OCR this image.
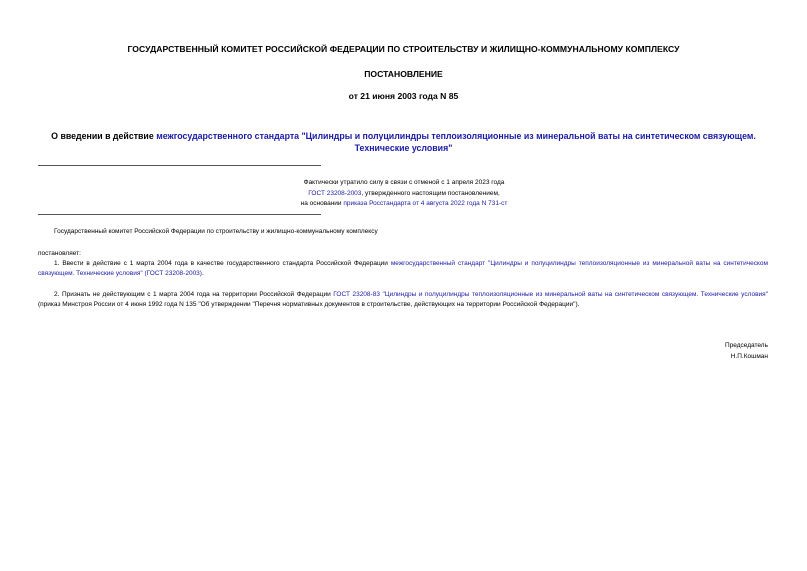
ГОСУДАРСТВЕННЫЙ КОМИТЕТ РОССИЙСКОЙ ФЕДЕРАЦИИ ПО СТРОИТЕЛЬСТВУ И ЖИЛИЩНО-КОММУНАЛЬНОМУ КОМПЛЕКСУ
ПОСТАНОВЛЕНИЕ
от 21 июня 2003 года N 85
О введении в действие межгосударственного стандарта "Цилиндры и полуцилиндры теплоизоляционные из минеральной ваты на синтетическом связующем. Технические условия"
Фактически утратило силу в связи с отменой с 1 апреля 2023 года
ГОСТ 23208-2003, утвержденного настоящим постановлением,
на основании приказа Росстандарта от 4 августа 2022 года N 731-ст
Государственный комитет Российской Федерации по строительству и жилищно-коммунальному комплексу
постановляет:
1. Ввести в действие с 1 марта 2004 года в качестве государственного стандарта Российской Федерации межгосударственный стандарт "Цилиндры и полуцилиндры теплоизоляционные из минеральной ваты на синтетическом связующем. Технические условия" (ГОСТ 23208-2003).
2. Признать не действующим с 1 марта 2004 года на территории Российской Федерации ГОСТ 23208-83 "Цилиндры и полуцилиндры теплоизоляционные из минеральной ваты на синтетическом связующем. Технические условия" (приказ Минстроя России от 4 июня 1992 года N 135 "Об утверждении "Перечня нормативных документов в строительстве, действующих на территории Российской Федерации").
Председатель
Н.П.Кошман
